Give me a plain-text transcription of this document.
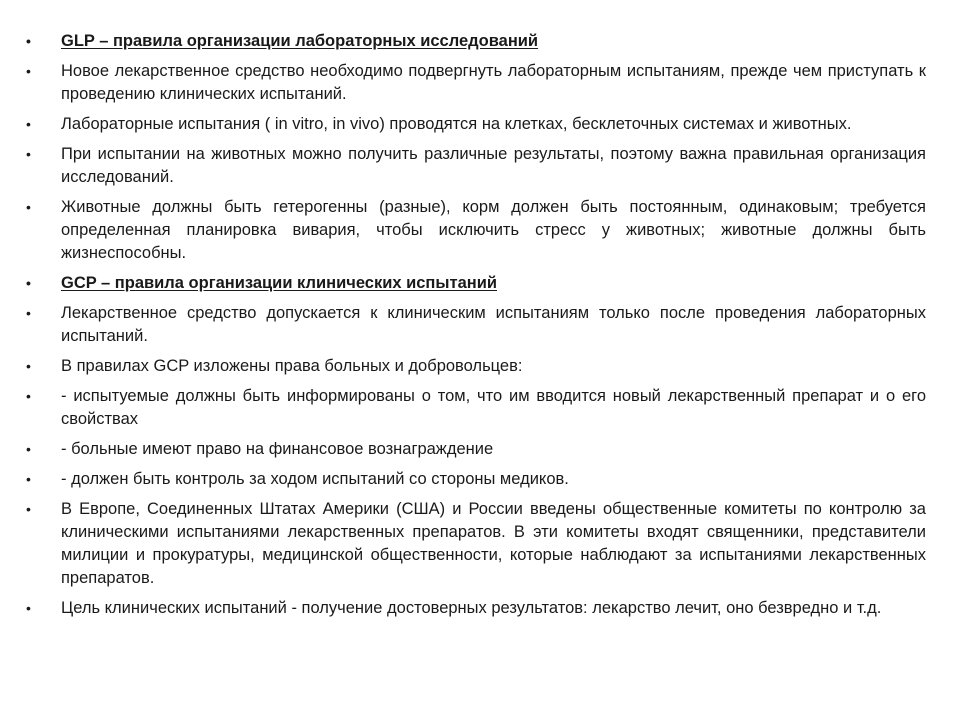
• GLP – правила организации лабораторных исследований
• Новое лекарственное средство необходимо подвергнуть лабораторным испытаниям, прежде чем приступать к проведению клинических испытаний.
• Лабораторные испытания ( in vitro, in vivo) проводятся на клетках, бесклеточных системах и животных.
• При испытании на животных можно получить различные результаты, поэтому важна правильная организация исследований.
• Животные должны быть гетерогенны (разные), корм должен быть постоянным, одинаковым; требуется определенная планировка вивария, чтобы исключить стресс у животных; животные должны быть жизнеспособны.
• GCP – правила организации клинических испытаний
• Лекарственное средство допускается к клиническим испытаниям только после проведения лабораторных испытаний.
• В правилах GCP изложены права больных и добровольцев:
• - испытуемые должны быть информированы о том, что им вводится новый лекарственный препарат и о его свойствах
• - больные имеют право на финансовое вознаграждение
• - должен быть контроль за ходом испытаний со стороны медиков.
• В Европе, Соединенных Штатах Америки (США) и России введены общественные комитеты по контролю за клиническими испытаниями лекарственных препаратов. В эти комитеты входят священники, представители милиции и прокуратуры, медицинской общественности, которые наблюдают за испытаниями лекарственных препаратов.
• Цель клинических испытаний - получение достоверных результатов: лекарство лечит, оно безвредно и т.д.
